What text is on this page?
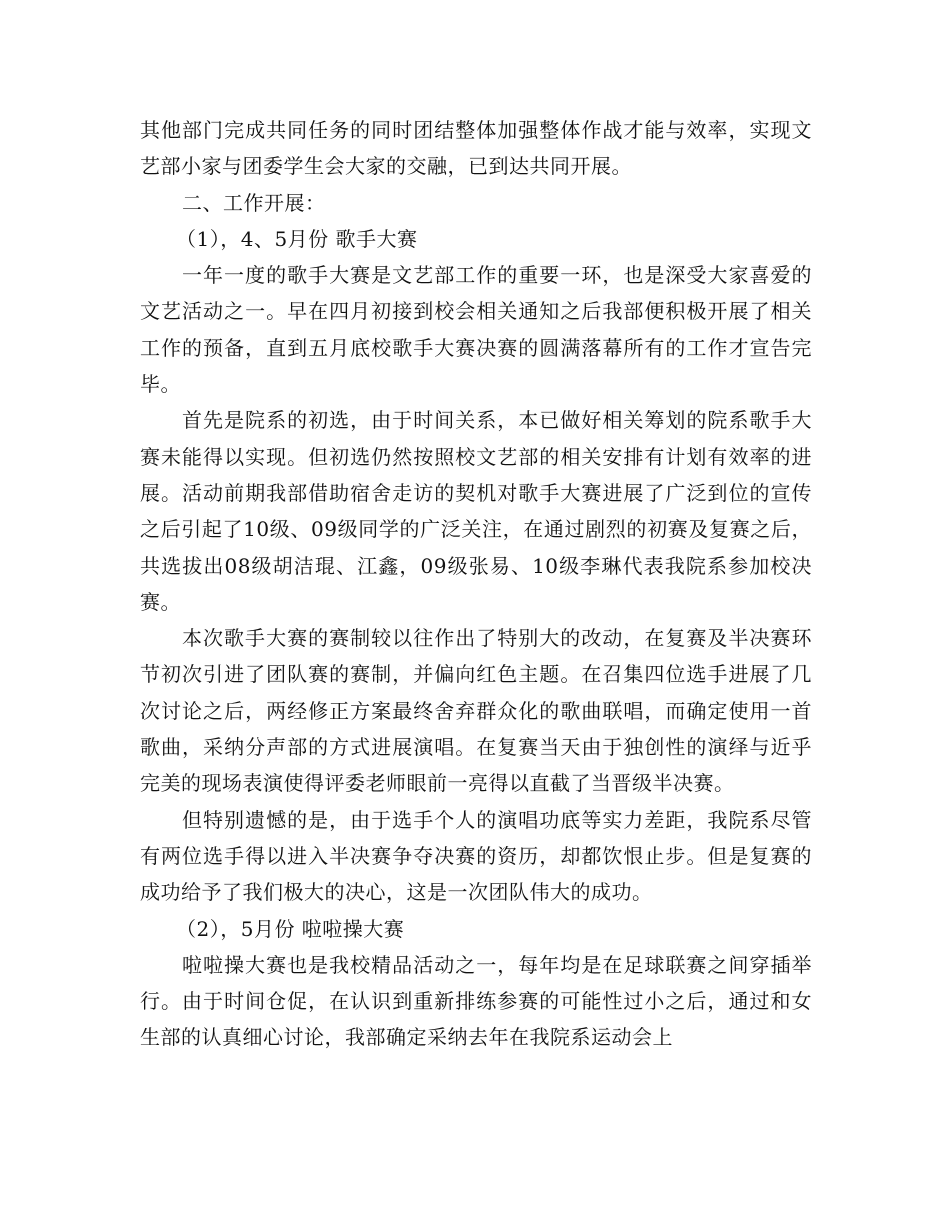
其他部门完成共同任务的同时团结整体加强整体作战才能与效率，实现文艺部小家与团委学生会大家的交融，已到达共同开展。

二、工作开展：

（1），4、5月份 歌手大赛

一年一度的歌手大赛是文艺部工作的重要一环，也是深受大家喜爱的文艺活动之一。早在四月初接到校会相关通知之后我部便积极开展了相关工作的预备，直到五月底校歌手大赛决赛的圆满落幕所有的工作才宣告完毕。

首先是院系的初选，由于时间关系，本已做好相关筹划的院系歌手大赛未能得以实现。但初选仍然按照校文艺部的相关安排有计划有效率的进展。活动前期我部借助宿舍走访的契机对歌手大赛进展了广泛到位的宣传之后引起了10级、09级同学的广泛关注，在通过剧烈的初赛及复赛之后，共选拔出08级胡洁琨、江鑫，09级张易、10级李琳代表我院系参加校决赛。

本次歌手大赛的赛制较以往作出了特别大的改动，在复赛及半决赛环节初次引进了团队赛的赛制，并偏向红色主题。在召集四位选手进展了几次讨论之后，两经修正方案最终舍弃群众化的歌曲联唱，而确定使用一首歌曲，采纳分声部的方式进展演唱。在复赛当天由于独创性的演绎与近乎完美的现场表演使得评委老师眼前一亮得以直截了当晋级半决赛。

但特别遗憾的是，由于选手个人的演唱功底等实力差距，我院系尽管有两位选手得以进入半决赛争夺决赛的资历，却都饮恨止步。但是复赛的成功给予了我们极大的决心，这是一次团队伟大的成功。

（2），5月份 啦啦操大赛

啦啦操大赛也是我校精品活动之一，每年均是在足球联赛之间穿插举行。由于时间仓促，在认识到重新排练参赛的可能性过小之后，通过和女生部的认真细心讨论，我部确定采纳去年在我院系运动会上
